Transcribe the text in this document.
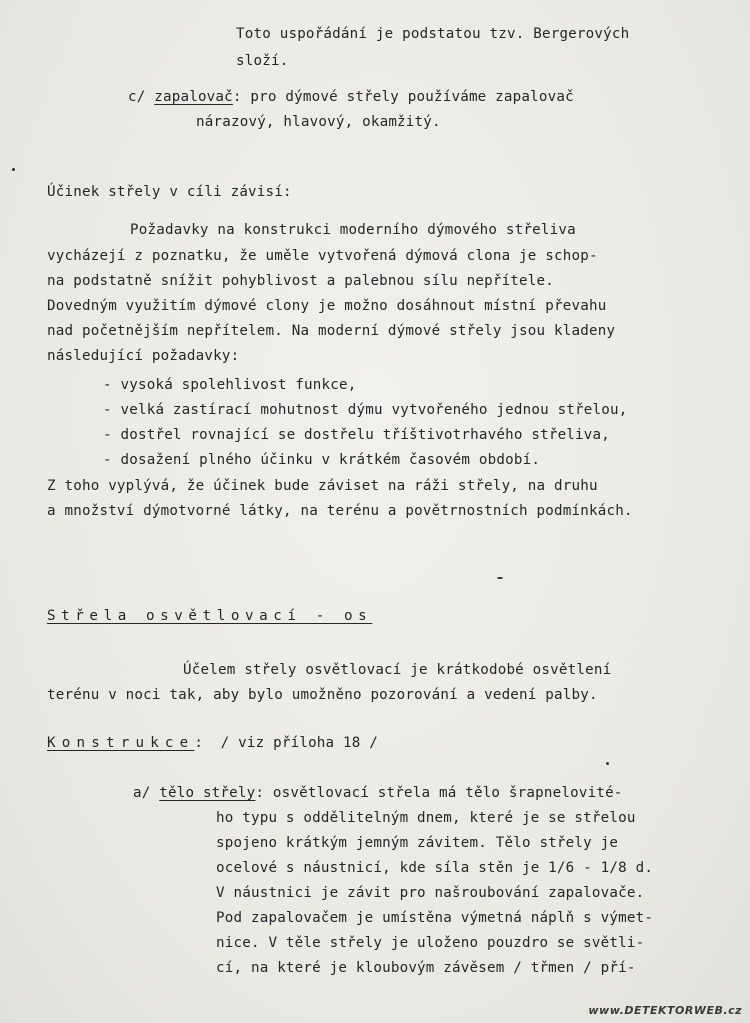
Toto uspořádání je podstatou tzv. Bergerových
složí.
c/ zapalovač: pro dýmové střely používáme zapalovač
nárazový, hlavový, okamžitý.
Účinek střely v cíli závisí:
Požadavky na konstrukci moderního dýmového střeliva
vycházejí z poznatku, že uměle vytvořená dýmová clona je schop-
na podstatně snížit pohyblivost a palebnou sílu nepřítele.
Dovedným využitím dýmové clony je možno dosáhnout místní převahu
nad početnějším nepřítelem. Na moderní dýmové střely jsou kladeny
následující požadavky:
- vysoká spolehlivost funkce,
- velká zastírací mohutnost dýmu vytvořeného jednou střelou,
- dostřel rovnající se dostřelu tříštivotrhavého střeliva,
- dosažení plného účinku v krátkém časovém období.
Z toho vyplývá, že účinek bude záviset na ráži střely, na druhu
a množství dýmotvorné látky, na terénu a povětrnostních podmínkách.
Střela osvětlovací - os
Účelem střely osvětlovací je krátkodobé osvětlení
terénu v noci tak, aby bylo umožněno pozorování a vedení palby.
Konstrukce:  / viz příloha 18 /
a/ tělo střely: osvětlovací střela má tělo šrapnelovité-
ho typu s oddělitelným dnem, které je se střelou
spojeno krátkým jemným závitem. Tělo střely je
ocelové s náustnicí, kde síla stěn je 1/6 - 1/8 d.
V náustnici je závit pro našroubování zapalovače.
Pod zapalovačem je umístěna výmetná náplň s výmet-
nice. V těle střely je uloženo pouzdro se světli-
cí, na které je kloubovým závěsem / třmen / pří-
www.DETEKTORWEB.cz
